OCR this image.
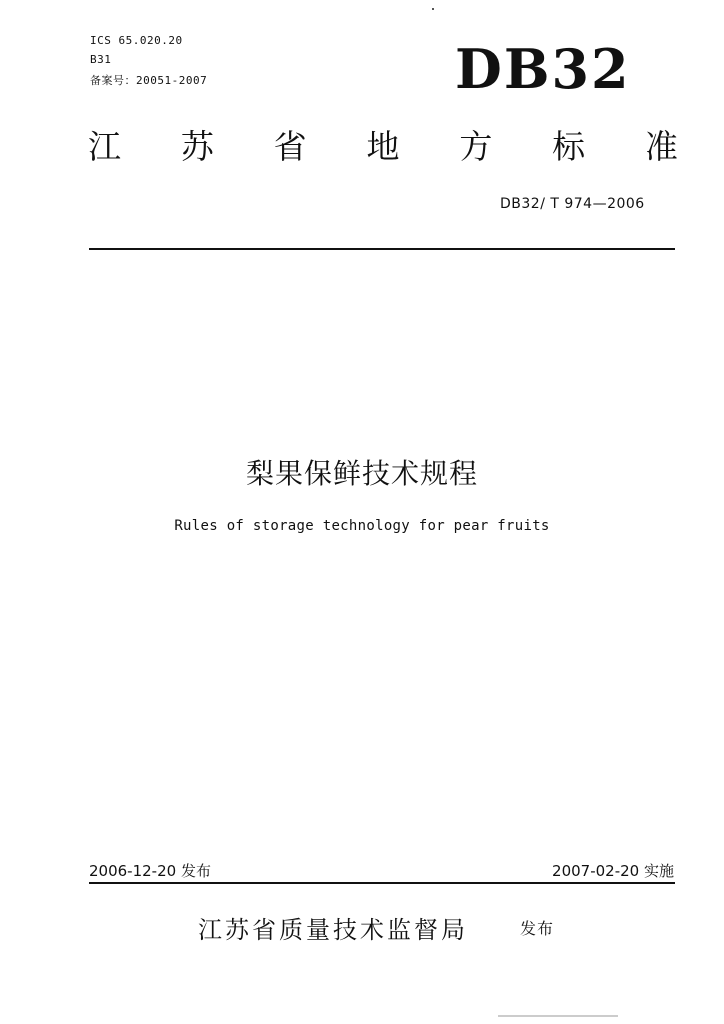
ICS 65.020.20
B31
备案号：20051-2007	DB32
江 苏 省 地 方 标 准
DB32/ T 974—2006
梨果保鲜技术规程
Rules of storage technology for pear fruits
2006-12-20 发布	2007-02-20 实施
江苏省质量技术监督局	发布
